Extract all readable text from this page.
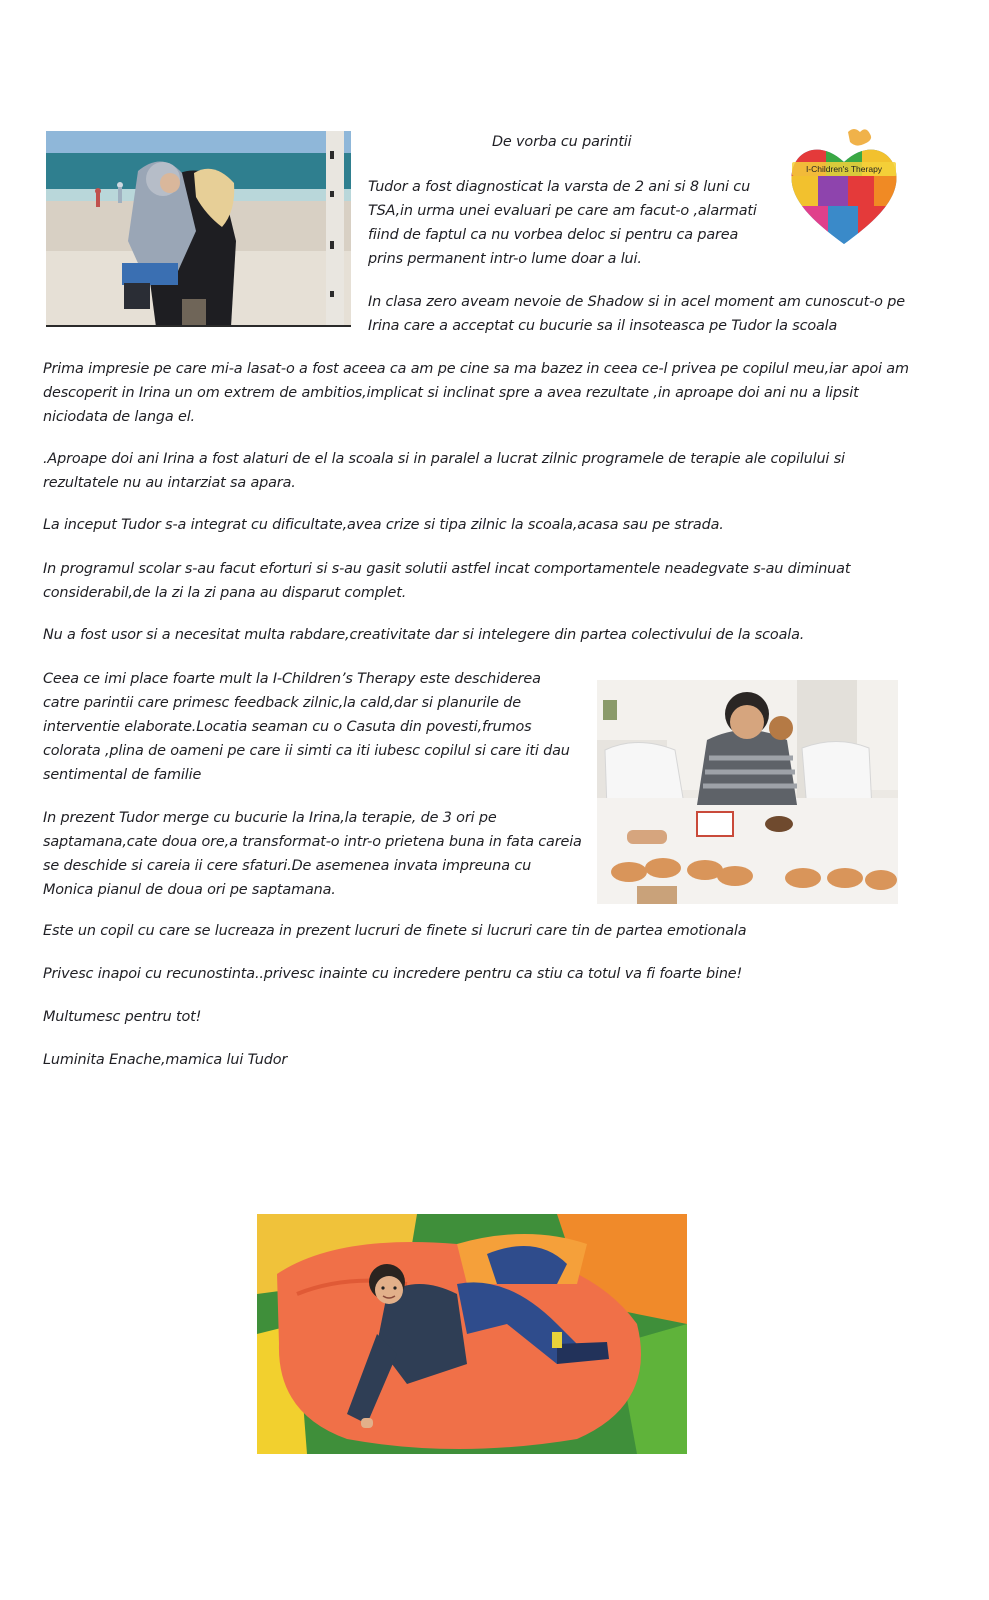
De vorba cu parintii

I-Children's Therapy

Tudor a fost diagnosticat la varsta de 2 ani si 8 luni cu TSA,in urma unei evaluari pe care am facut-o ,alarmati fiind de faptul ca nu vorbea deloc si pentru ca parea prins permanent intr-o lume doar a lui.

In clasa zero aveam nevoie de Shadow si in acel moment am cunoscut-o pe Irina care a acceptat cu bucurie sa il insoteasca pe Tudor la scoala

Prima impresie pe care mi-a lasat-o a fost aceea ca am pe cine sa ma bazez in ceea ce-l privea pe copilul meu,iar apoi am descoperit in Irina un om extrem de ambitios,implicat si inclinat spre a avea rezultate ,in aproape doi ani nu a lipsit niciodata de langa el.

.Aproape doi ani Irina a fost alaturi de el la scoala si in paralel a lucrat zilnic programele de terapie ale copilului si rezultatele nu au intarziat sa apara.

La inceput Tudor s-a integrat cu dificultate,avea crize si tipa zilnic la scoala,acasa sau pe strada.

In programul scolar s-au facut eforturi si s-au gasit solutii astfel incat comportamentele neadegvate s-au diminuat considerabil,de la zi la zi pana au disparut complet.

Nu a fost usor si a necesitat multa rabdare,creativitate dar si intelegere din partea colectivului de la scoala.

Ceea ce imi place foarte mult la I-Children’s Therapy este deschiderea catre parintii care primesc feedback zilnic,la cald,dar si planurile de interventie elaborate.Locatia seaman cu o Casuta din povesti,frumos colorata ,plina de oameni pe care ii simti ca iti iubesc copilul si care iti dau sentimental de familie

In prezent Tudor merge cu bucurie la Irina,la terapie, de 3 ori pe saptamana,cate doua ore,a transformat-o intr-o prietena buna in fata careia se deschide si careia ii cere sfaturi.De asemenea invata impreuna cu Monica pianul de doua ori pe saptamana.

Este un copil cu care se lucreaza in prezent lucruri de finete si lucruri care tin de partea emotionala

Privesc inapoi cu recunostinta..privesc inainte cu incredere pentru ca stiu ca totul va fi foarte bine!

Multumesc pentru tot!

Luminita Enache,mamica lui Tudor
